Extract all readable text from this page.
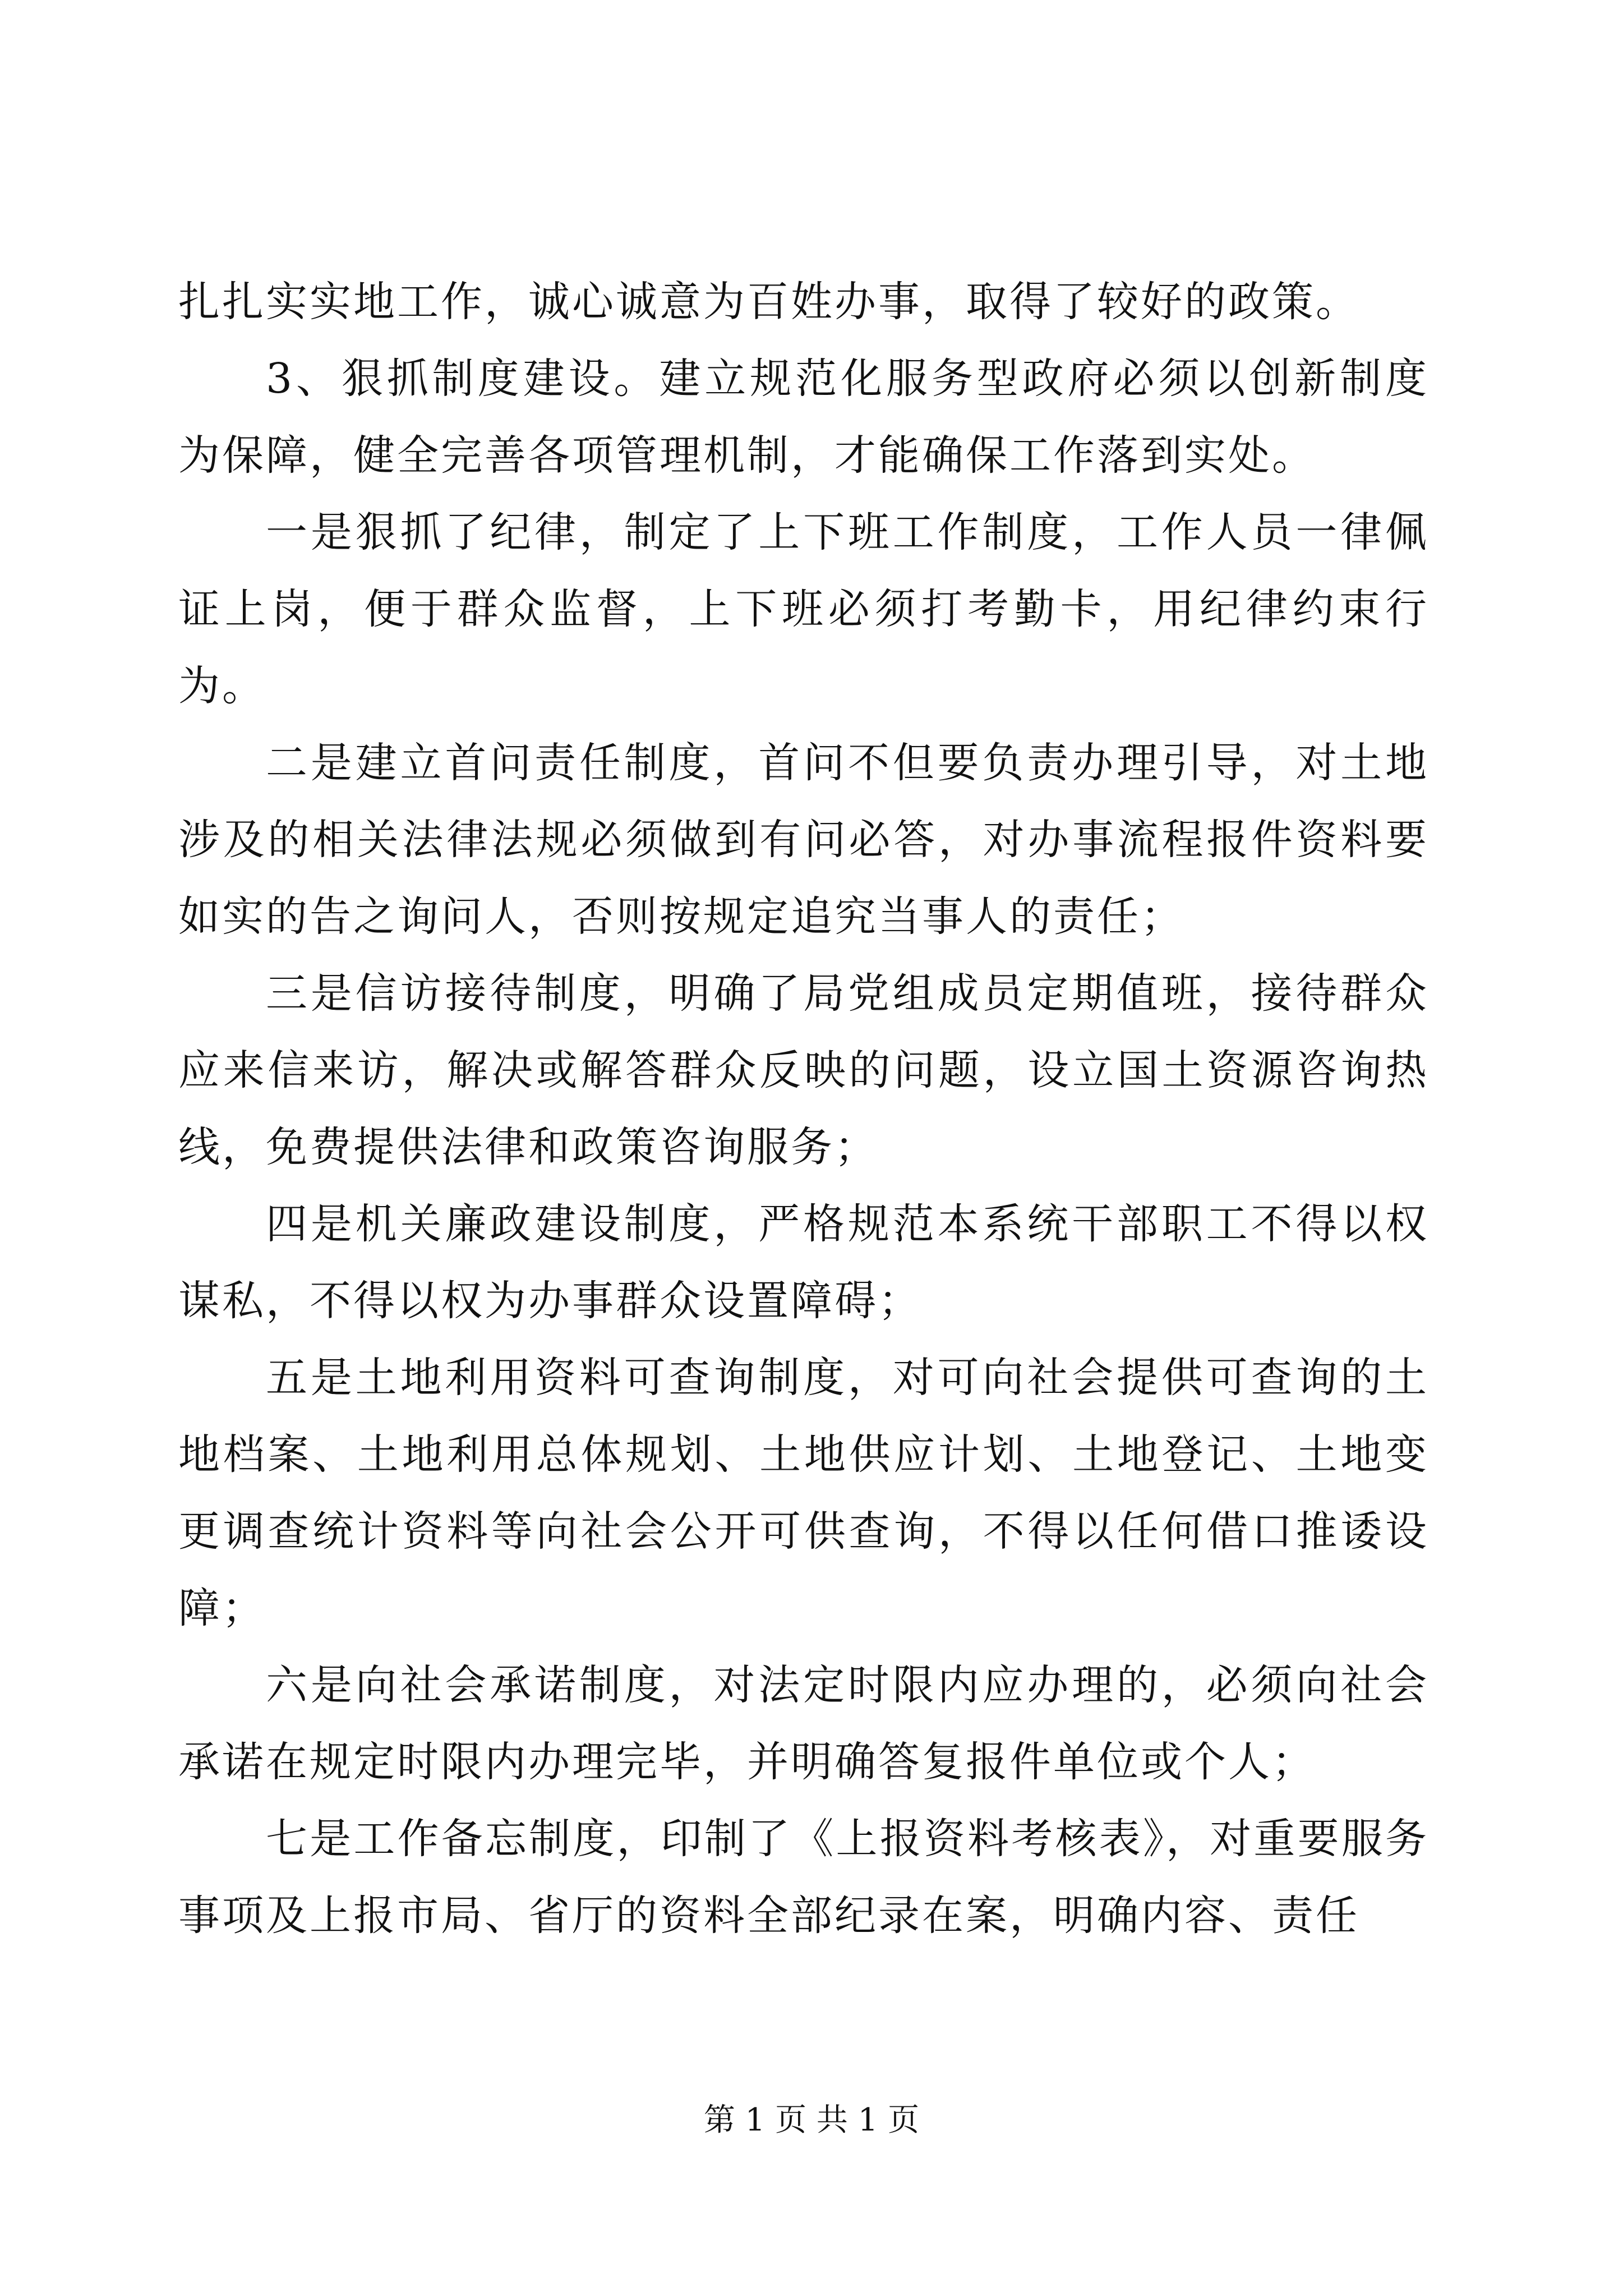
扎扎实实地工作，诚心诚意为百姓办事，取得了较好的政策。

3、狠抓制度建设。建立规范化服务型政府必须以创新制度为保障，健全完善各项管理机制，才能确保工作落到实处。

一是狠抓了纪律，制定了上下班工作制度，工作人员一律佩证上岗，便于群众监督，上下班必须打考勤卡，用纪律约束行为。

二是建立首问责任制度，首问不但要负责办理引导，对土地涉及的相关法律法规必须做到有问必答，对办事流程报件资料要如实的告之询问人，否则按规定追究当事人的责任；

三是信访接待制度，明确了局党组成员定期值班，接待群众应来信来访，解决或解答群众反映的问题，设立国土资源咨询热线，免费提供法律和政策咨询服务；

四是机关廉政建设制度，严格规范本系统干部职工不得以权谋私，不得以权为办事群众设置障碍；

五是土地利用资料可查询制度，对可向社会提供可查询的土地档案、土地利用总体规划、土地供应计划、土地登记、土地变更调查统计资料等向社会公开可供查询，不得以任何借口推诿设障；

六是向社会承诺制度，对法定时限内应办理的，必须向社会承诺在规定时限内办理完毕，并明确答复报件单位或个人；

七是工作备忘制度，印制了《上报资料考核表》，对重要服务事项及上报市局、省厅的资料全部纪录在案，明确内容、责任

第 1 页 共 1 页
